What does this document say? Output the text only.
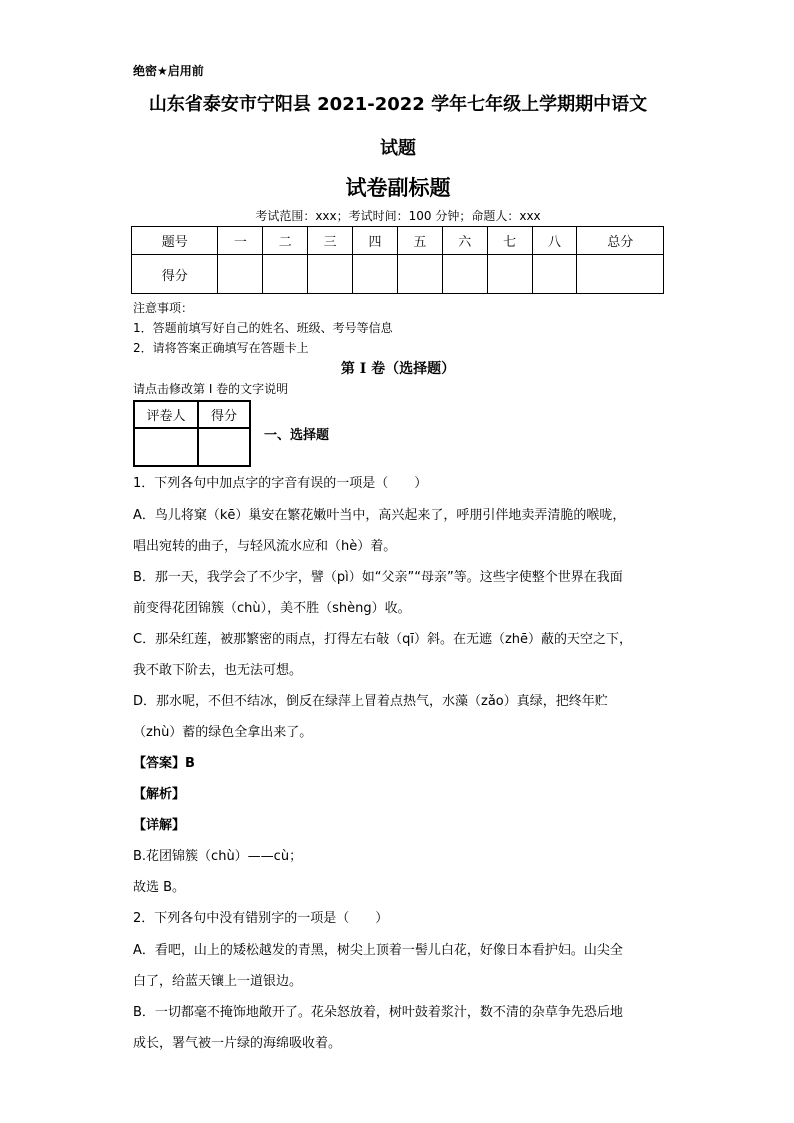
绝密★启用前
山东省泰安市宁阳县 2021-2022 学年七年级上学期期中语文
试题
试卷副标题
考试范围：xxx；考试时间：100 分钟；命题人：xxx
题号	一	二	三	四	五	六	七	八	总分
得分									
注意事项：
1．答题前填写好自己的姓名、班级、考号等信息
2．请将答案正确填写在答题卡上
第 I 卷（选择题）
请点击修改第 I 卷的文字说明
评卷人	得分

一、选择题
1．下列各句中加点字的字音有误的一项是（　　）
A．鸟儿将窠（kē）巢安在繁花嫩叶当中，高兴起来了，呼朋引伴地卖弄清脆的喉咙，
唱出宛转的曲子，与轻风流水应和（hè）着。
B．那一天，我学会了不少字，譬（pì）如“父亲”“母亲”等。这些字使整个世界在我面
前变得花团锦簇（chù），美不胜（shèng）收。
C．那朵红莲，被那繁密的雨点，打得左右敧（qī）斜。在无遮（zhē）蔽的天空之下，
我不敢下阶去，也无法可想。
D．那水呢，不但不结冰，倒反在绿萍上冒着点热气，水藻（zǎo）真绿，把终年贮
（zhù）蓄的绿色全拿出来了。
【答案】B
【解析】
【详解】
B.花团锦簇（chù）——cù；
故选 B。
2．下列各句中没有错别字的一项是（　　）
A．看吧，山上的矮松越发的青黑，树尖上顶着一髻儿白花，好像日本看护妇。山尖全
白了，给蓝天镶上一道银边。
B．一切都毫不掩饰地敞开了。花朵怒放着，树叶鼓着浆汁，数不清的杂草争先恐后地
成长，署气被一片绿的海绵吸收着。
